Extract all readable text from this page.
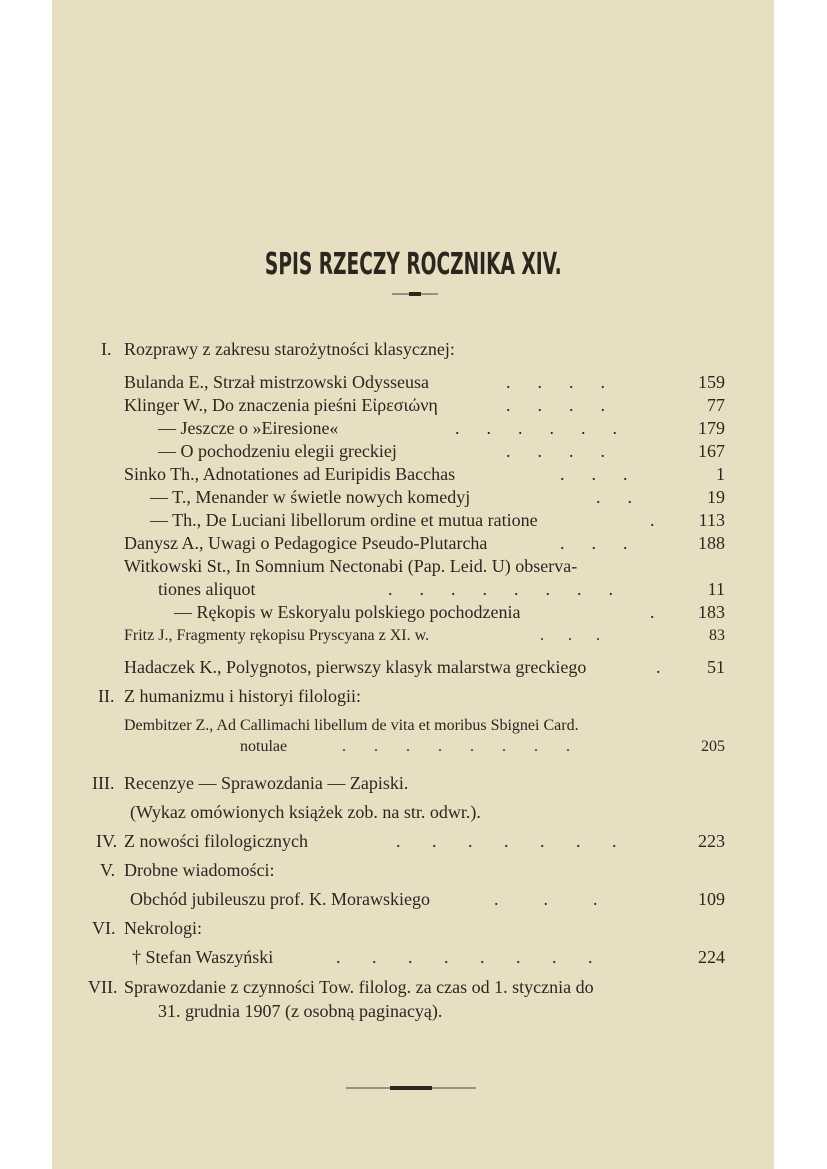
SPIS RZECZY ROCZNIKA XIV.
I. Rozprawy z zakresu starożytności klasycznej:
Bulanda E., Strzał mistrzowski Odysseusa	.      .      .      .	159
Klinger W., Do znaczenia pieśni Εἰρεσιώνη	.      .      .      .	77
— Jeszcze o »Eiresione«	.      .      .      .      .      .	179
— O pochodzeniu elegii greckiej	.      .      .      .	167
Sinko Th., Adnotationes ad Euripidis Bacchas	.      .      .	1
— T., Menander w świetle nowych komedyj	.      .	19
— Th., De Luciani libellorum ordine et mutua ratione	. 113
Danysz A., Uwagi o Pedagogice Pseudo-Plutarcha	.      .      .	188
Witkowski St., In Somnium Nectonabi (Pap. Leid. U) observa-
tiones aliquot	.      .      .      .      .      .      .      .	11
— Rękopis w Eskoryalu polskiego pochodzenia	. 183
Fritz J., Fragmenty rękopisu Pryscyana z XI. w.	.      .      .	83
Hadaczek K., Polygnotos, pierwszy klasyk malarstwa greckiego	.	51
II. Z humanizmu i historyi filologii:
Dembitzer Z., Ad Callimachi libellum de vita et moribus Sbignei Card.
notulae	.       .       .       .       .       .       .       .	205
III. Recenzye — Sprawozdania — Zapiski.
(Wykaz omówionych książek zob. na str. odwr.).
IV. Z nowości filologicznych	.       .       .       .       .       .       .	223
V. Drobne wiadomości:
Obchód jubileuszu prof. K. Morawskiego	.          .          .	109
VI. Nekrologi:
† Stefan Waszyński	.       .       .       .       .       .       .       .	224
VII. Sprawozdanie z czynności Tow. filolog. za czas od 1. stycznia do
31. grudnia 1907 (z osobną paginacyą).
